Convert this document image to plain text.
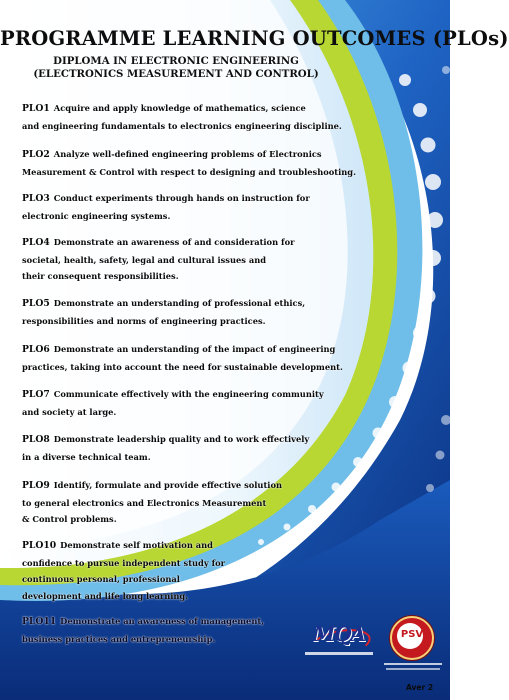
PROGRAMME LEARNING OUTCOMES (PLOs)
DIPLOMA IN ELECTRONIC ENGINEERING
(ELECTRONICS MEASUREMENT AND CONTROL)
PLO1 Acquire and apply knowledge of mathematics, science
and engineering fundamentals to electronics engineering discipline.
PLO2 Analyze well-defined engineering problems of Electronics
Measurement & Control with respect to designing and troubleshooting.
PLO3 Conduct experiments through hands on instruction for
electronic engineering systems.
PLO4 Demonstrate an awareness of and consideration for
societal, health, safety, legal and cultural issues and
their consequent responsibilities.
PLO5 Demonstrate an understanding of professional ethics,
responsibilities and norms of engineering practices.
PLO6 Demonstrate an understanding of the impact of engineering
practices, taking into account the need for sustainable development.
PLO7 Communicate effectively with the engineering community
and society at large.
PLO8 Demonstrate leadership quality and to work effectively
in a diverse technical team.
PLO9 Identify, formulate and provide effective solution
to general electronics and Electronics Measurement
& Control problems.
PLO10 Demonstrate self motivation and
confidence to pursue independent study for
continuous personal, professional
development and life long learning.
PLO11 Demonstrate an awareness of management,
business practices and entrepreneurship.	MQA	PSV
Aver 2
